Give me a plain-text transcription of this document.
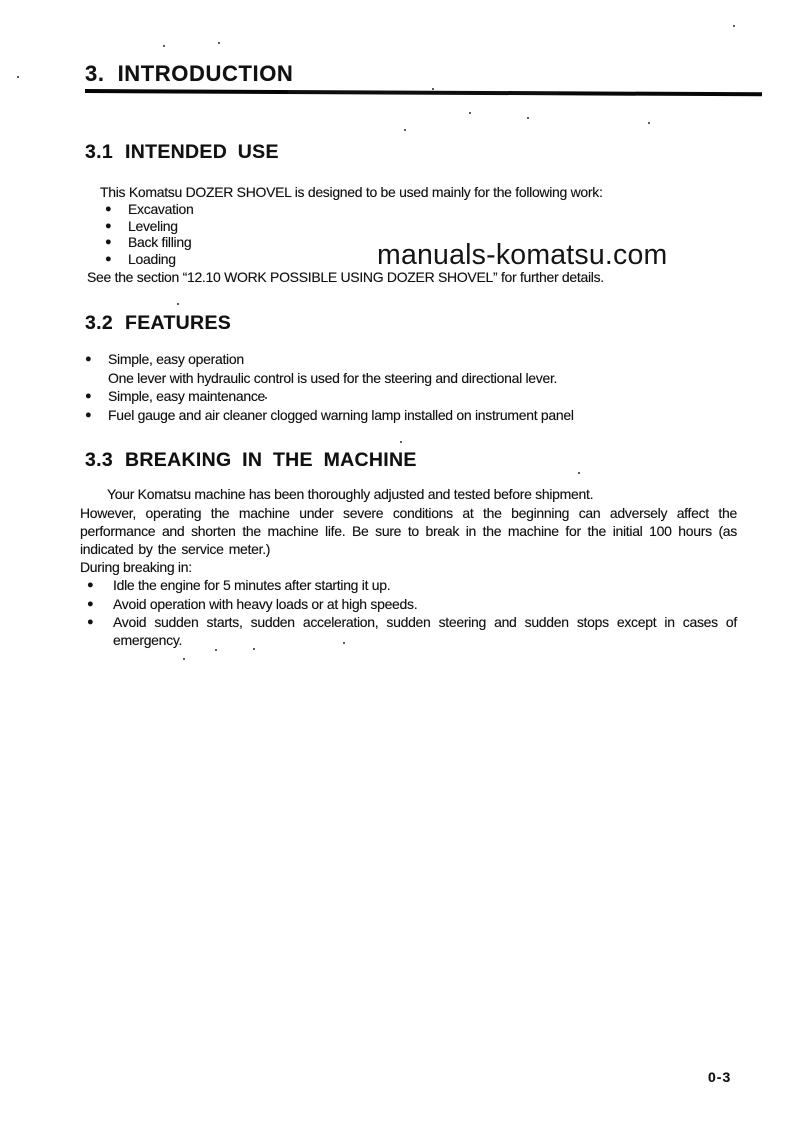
3. INTRODUCTION
3.1 INTENDED USE

This Komatsu DOZER SHOVEL is designed to be used mainly for the following work:

●	Excavation
●	Leveling
●	Back filling
●	Loading

See the section “12.10 WORK POSSIBLE USING DOZER SHOVEL” for further details.

3.2 FEATURES
●	Simple, easy operation
One lever with hydraulic control is used for the steering and directional lever.
●	Simple, easy maintenance
●	Fuel gauge and air cleaner clogged warning lamp installed on instrument panel
3.3 BREAKING IN THE MACHINE

Your Komatsu machine has been thoroughly adjusted and tested before shipment.

However, operating the machine under severe conditions at the beginning can adversely affect the performance and shorten the machine life. Be sure to break in the machine for the initial 100 hours (as indicated by the service meter.)

During breaking in:

●	Idle the engine for 5 minutes after starting it up.
●	Avoid operation with heavy loads or at high speeds.
●	Avoid sudden starts, sudden acceleration, sudden steering and sudden stops except in cases of emergency.
manuals-komatsu.com
0-3
